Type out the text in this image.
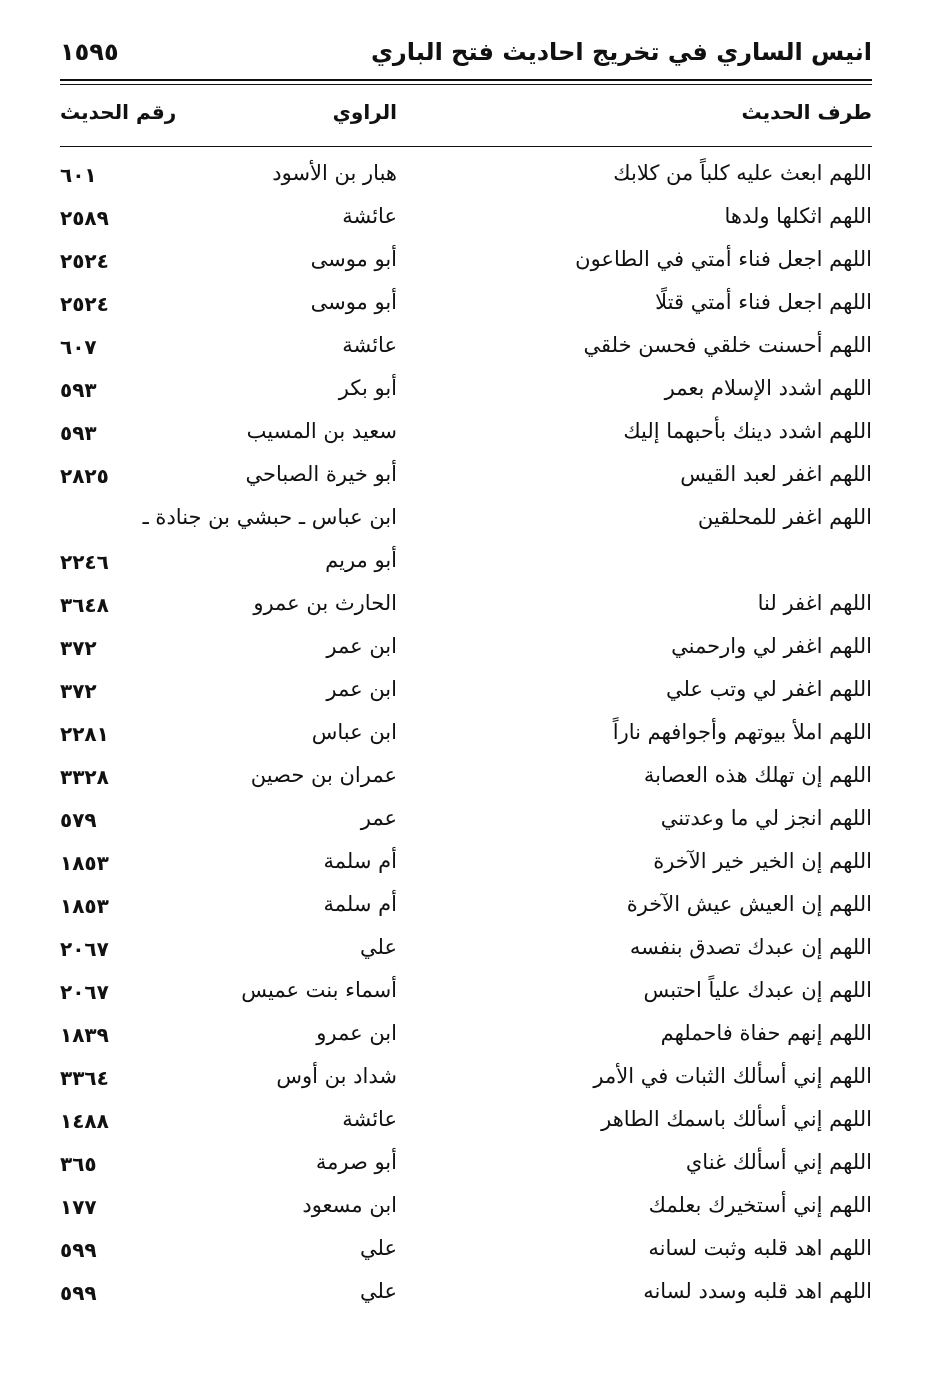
انيس الساري في تخريج احاديث فتح الباري
١٥٩٥
طرف الحديث
الراوي
رقم الحديث
اللهم ابعث عليه كلباً من كلابك
هبار بن الأسود
٦٠١
اللهم اثكلها ولدها
عائشة
٢٥٨٩
اللهم اجعل فناء أمتي في الطاعون
أبو موسى
٢٥٢٤
اللهم اجعل فناء أمتي قتلًا
أبو موسى
٢٥٢٤
اللهم أحسنت خلقي فحسن خلقي
عائشة
٦٠٧
اللهم اشدد الإسلام بعمر
أبو بكر
٥٩٣
اللهم اشدد دينك بأحبهما إليك
سعيد بن المسيب
٥٩٣
اللهم اغفر لعبد القيس
أبو خيرة الصباحي
٢٨٢٥
اللهم اغفر للمحلقين
ابن عباس ـ حبشي بن جنادة ـ
أبو مريم
٢٢٤٦
اللهم اغفر لنا
الحارث بن عمرو
٣٦٤٨
اللهم اغفر لي وارحمني
ابن عمر
٣٧٢
اللهم اغفر لي وتب علي
ابن عمر
٣٧٢
اللهم املأ بيوتهم وأجوافهم ناراً
ابن عباس
٢٢٨١
اللهم إن تهلك هذه العصابة
عمران بن حصين
٣٣٢٨
اللهم انجز لي ما وعدتني
عمر
٥٧٩
اللهم إن الخير خير الآخرة
أم سلمة
١٨٥٣
اللهم إن العيش عيش الآخرة
أم سلمة
١٨٥٣
اللهم إن عبدك تصدق بنفسه
علي
٢٠٦٧
اللهم إن عبدك علياً احتبس
أسماء بنت عميس
٢٠٦٧
اللهم إنهم حفاة فاحملهم
ابن عمرو
١٨٣٩
اللهم إني أسألك الثبات في الأمر
شداد بن أوس
٣٣٦٤
اللهم إني أسألك باسمك الطاهر
عائشة
١٤٨٨
اللهم إني أسألك غناي
أبو صرمة
٣٦٥
اللهم إني أستخيرك بعلمك
ابن مسعود
١٧٧
اللهم اهد قلبه وثبت لسانه
علي
٥٩٩
اللهم اهد قلبه وسدد لسانه
علي
٥٩٩
